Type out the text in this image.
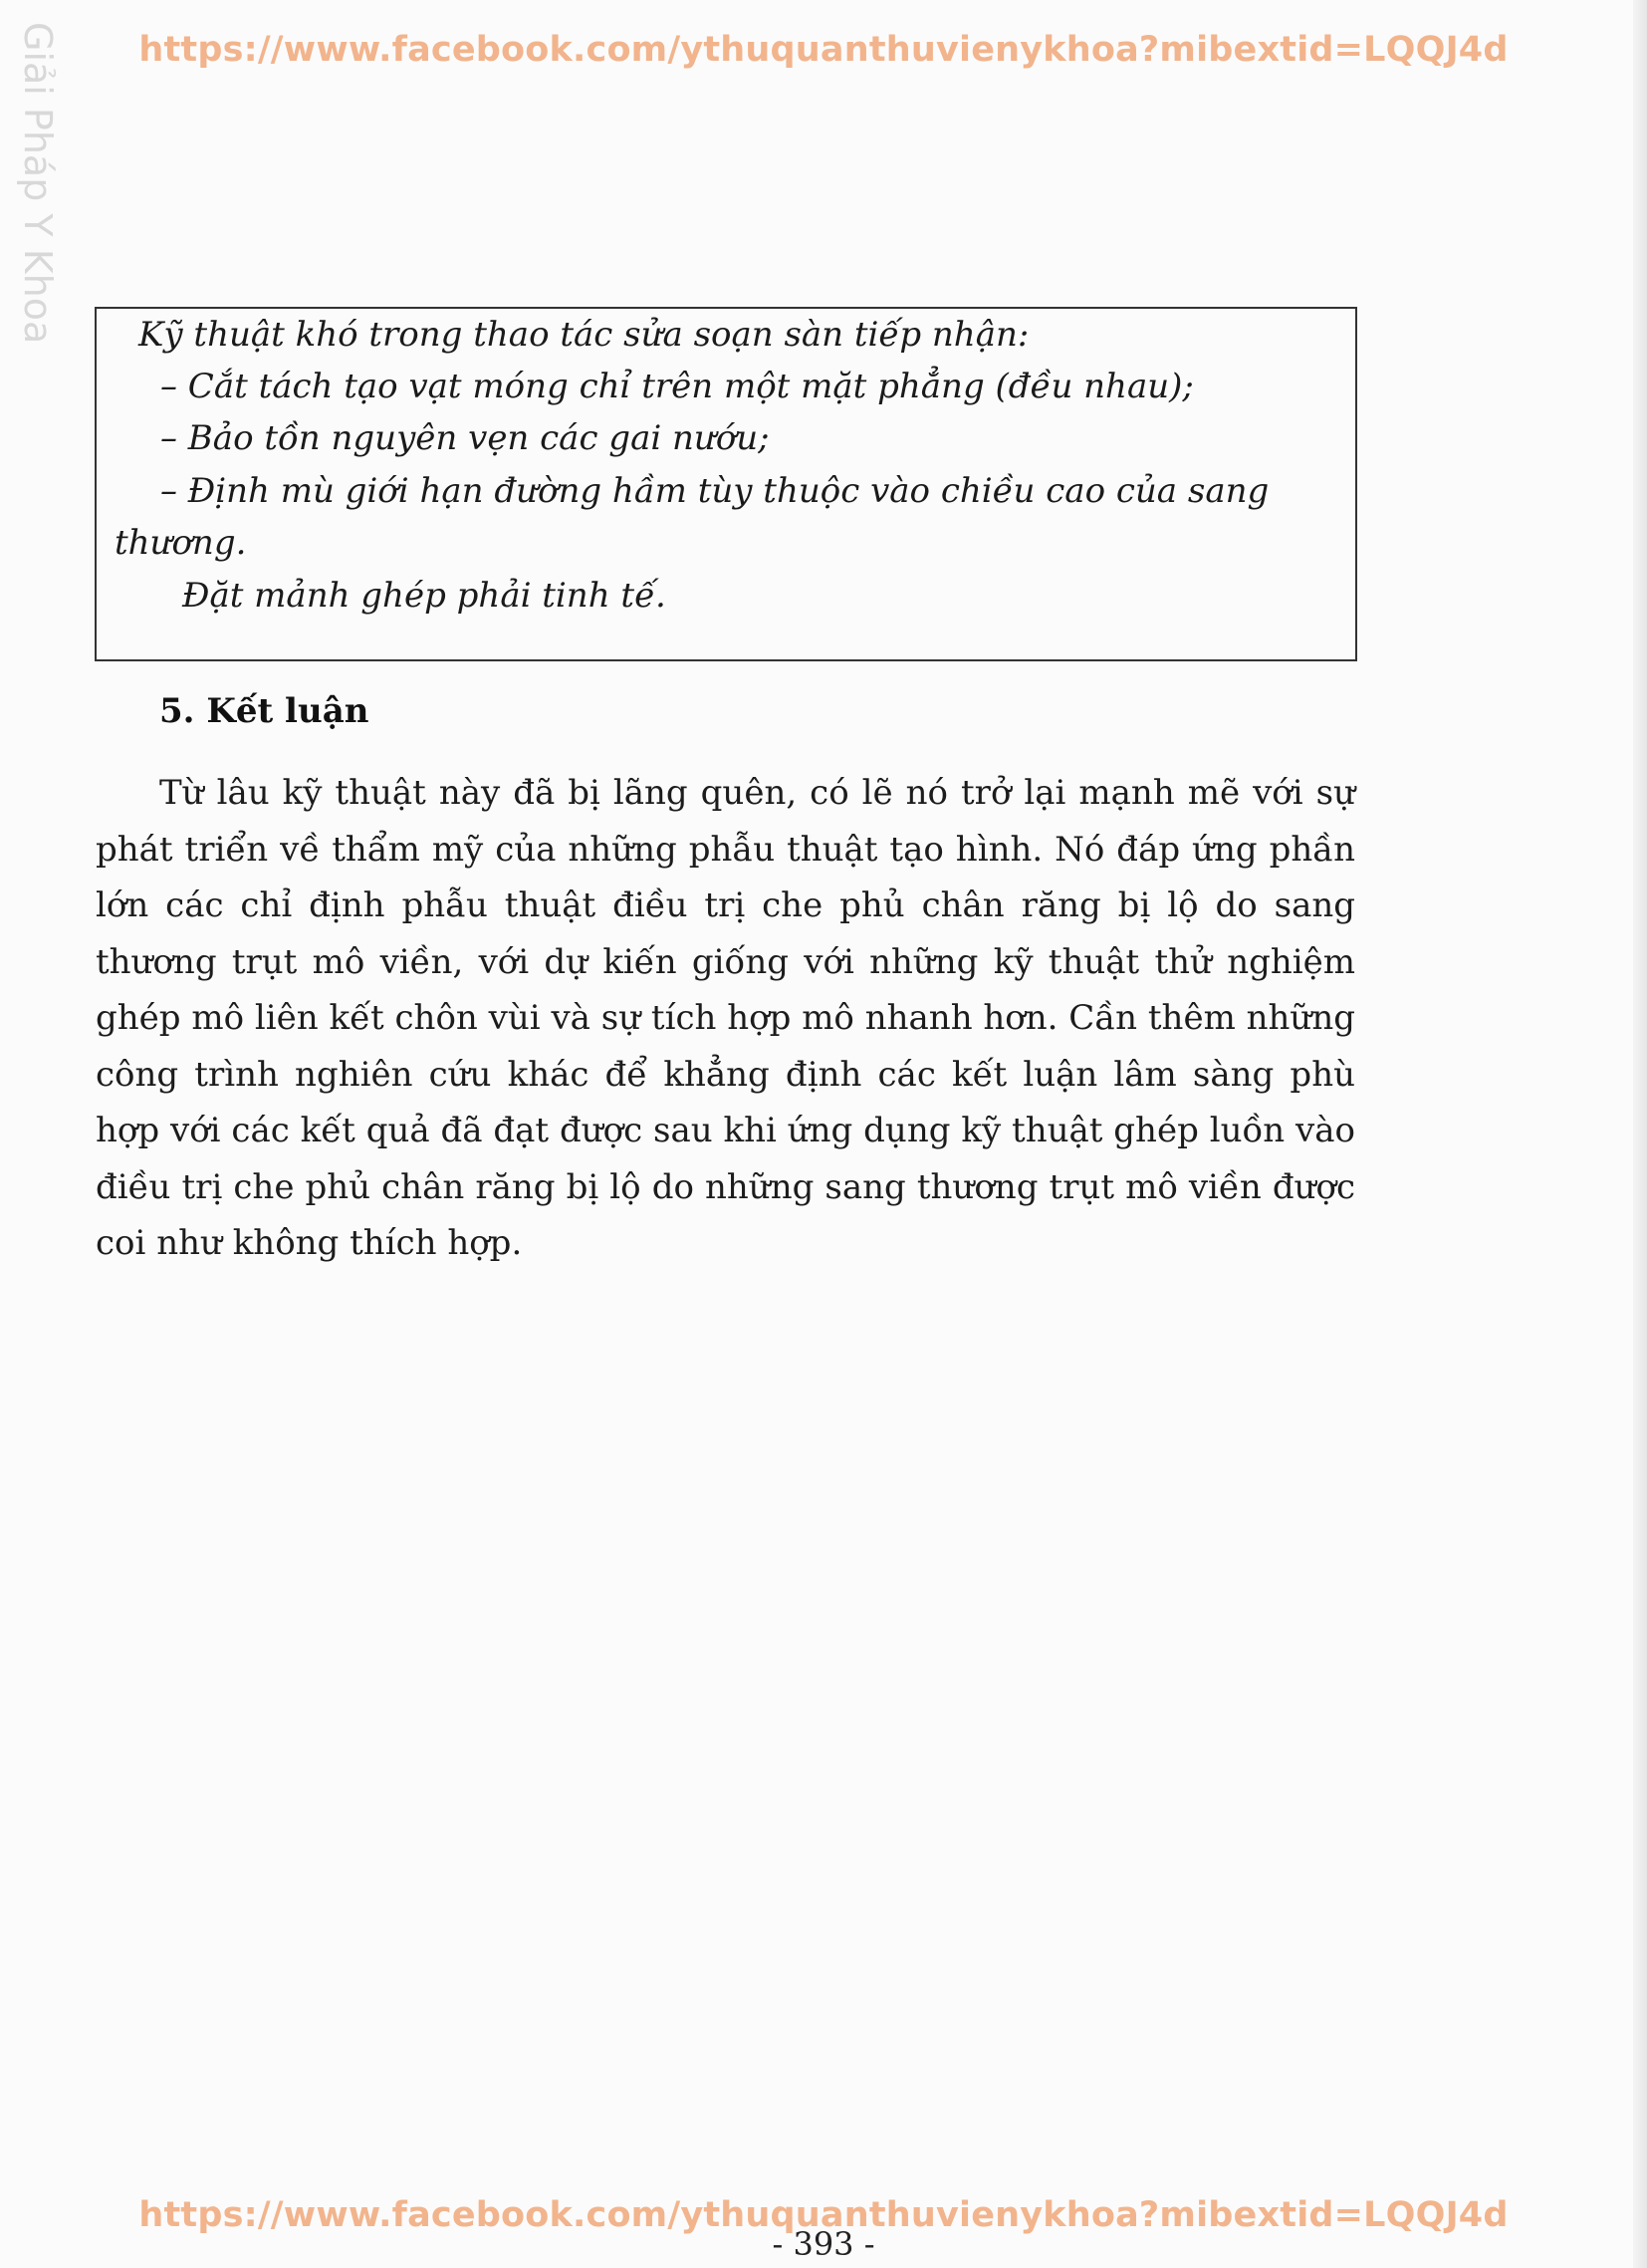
https://www.facebook.com/ythuquanthuvienykhoa?mibextid=LQQJ4d
Giải Pháp Y Khoa Kỹ thuật khó trong thao tác sửa soạn sàn tiếp nhận:

– Cắt tách tạo vạt móng chỉ trên một mặt phẳng (đều nhau);

– Bảo tồn nguyên vẹn các gai nướu;

– Định mù giới hạn đường hầm tùy thuộc vào chiều cao của sang

thương.

Đặt mảnh ghép phải tinh tế.

5. Kết luận

Từ lâu kỹ thuật này đã bị lãng quên, có lẽ nó trở lại mạnh mẽ với sự phát triển về thẩm mỹ của những phẫu thuật tạo hình. Nó đáp ứng phần lớn các chỉ định phẫu thuật điều trị che phủ chân răng bị lộ do sang thương trụt mô viền, với dự kiến giống với những kỹ thuật thử nghiệm ghép mô liên kết chôn vùi và sự tích hợp mô nhanh hơn. Cần thêm những công trình nghiên cứu khác để khẳng định các kết luận lâm sàng phù hợp với các kết quả đã đạt được sau khi ứng dụng kỹ thuật ghép luồn vào điều trị che phủ chân răng bị lộ do những sang thương trụt mô viền được coi như không thích hợp.

https://www.facebook.com/ythuquanthuvienykhoa?mibextid=LQQJ4d
- 393 -
